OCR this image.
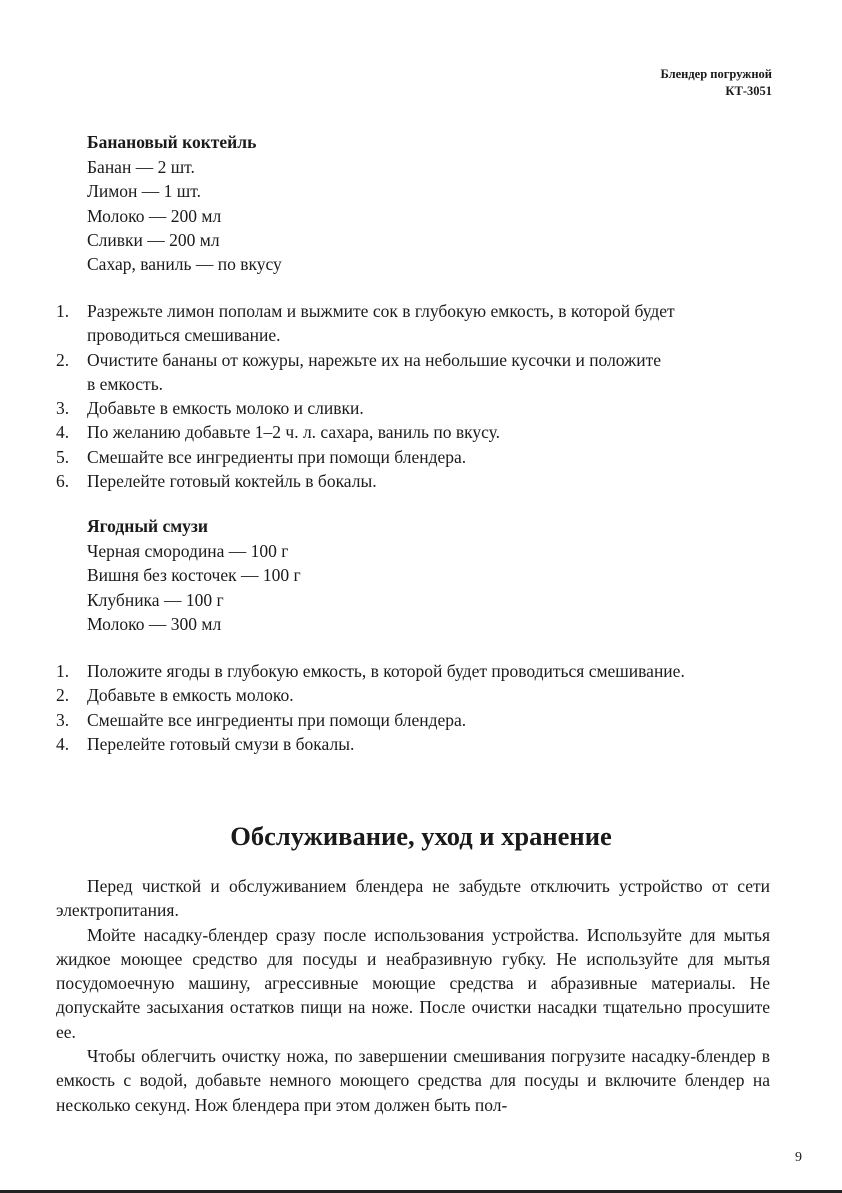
Блендер погружной
КТ-3051
Банановый коктейль
Банан — 2 шт.
Лимон — 1 шт.
Молоко — 200 мл
Сливки — 200 мл
Сахар, ваниль — по вкусу
1.	Разрежьте лимон пополам и выжмите сок в глубокую емкость, в которой будет
проводиться смешивание.
2.	Очистите бананы от кожуры, нарежьте их на небольшие кусочки и положите
в емкость.
3.	Добавьте в емкость молоко и сливки.
4.	По желанию добавьте 1–2 ч. л. сахара, ваниль по вкусу.
5.	Смешайте все ингредиенты при помощи блендера.
6.	Перелейте готовый коктейль в бокалы.
Ягодный смузи
Черная смородина — 100 г
Вишня без косточек — 100 г
Клубника — 100 г
Молоко — 300 мл
1.	Положите ягоды в глубокую емкость, в которой будет проводиться смешивание.
2.	Добавьте в емкость молоко.
3.	Смешайте все ингредиенты при помощи блендера.
4.	Перелейте готовый смузи в бокалы.
Обслуживание, уход и хранение

Перед чисткой и обслуживанием блендера не забудьте отключить устройство от сети электропитания.

Мойте насадку-блендер сразу после использования устройства. Используйте для мытья жидкое моющее средство для посуды и неабразивную губку. Не используйте для мытья посудомоечную машину, агрессивные моющие средства и абразивные материалы. Не допускайте засыхания остатков пищи на ноже. После очистки насадки тщательно просушите ее.

Чтобы облегчить очистку ножа, по завершении смешивания погрузите насадку-блендер в емкость с водой, добавьте немного моющего средства для посуды и включите блендер на несколько секунд. Нож блендера при этом должен быть пол-

9
